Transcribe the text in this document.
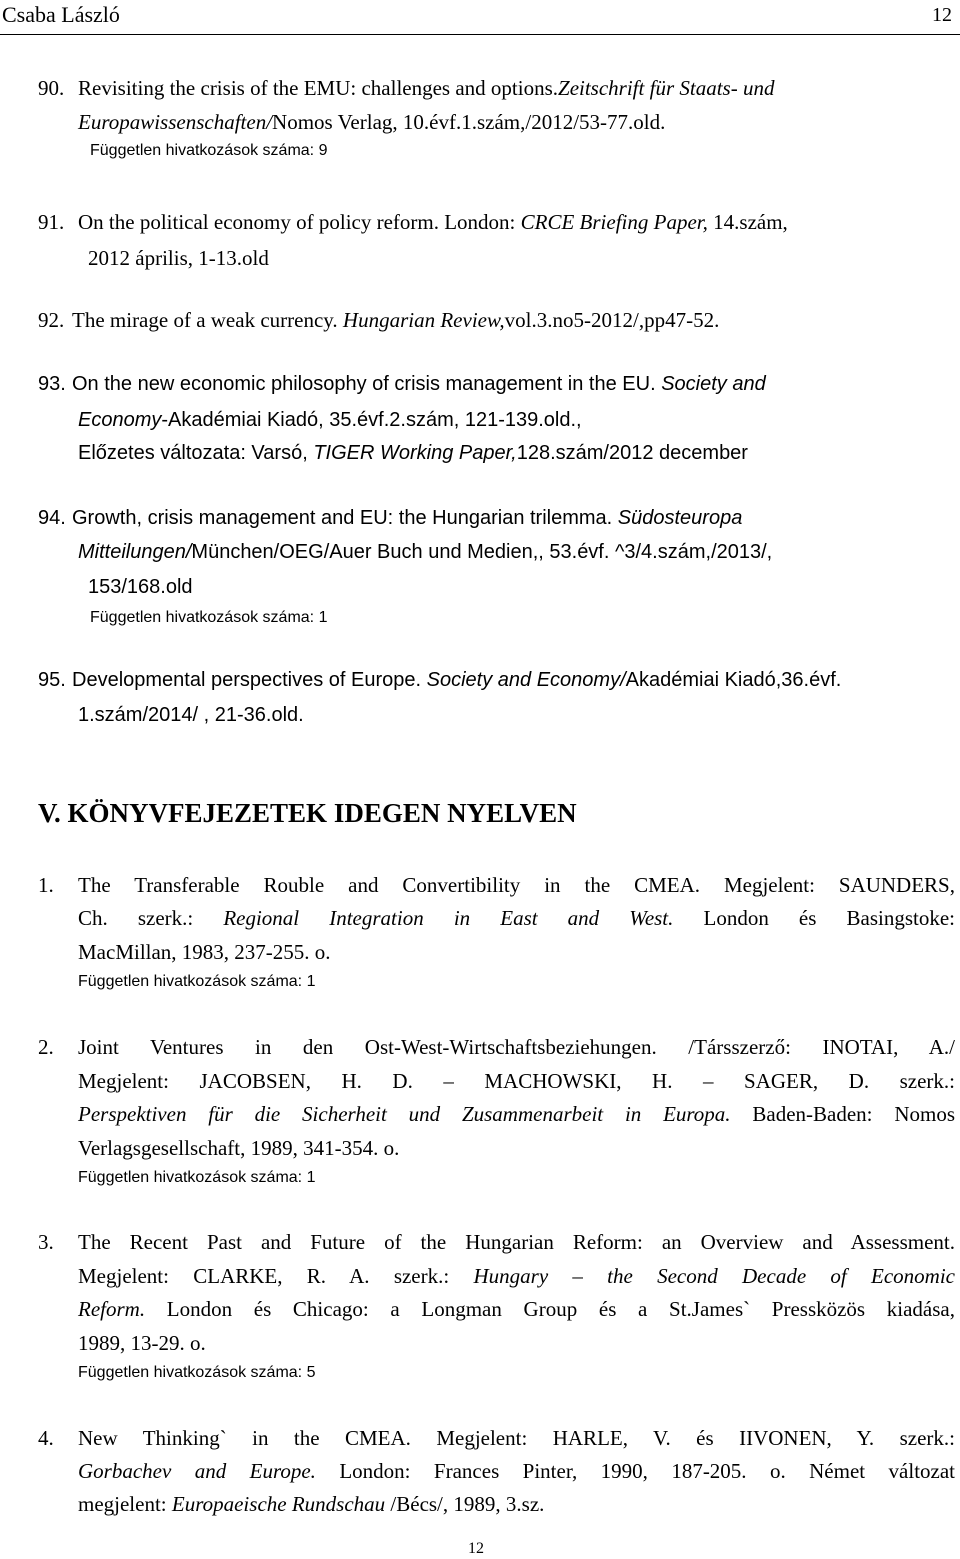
Csaba László	12
90. Revisiting the crisis of the EMU: challenges and options.Zeitschrift für Staats- und
Europawissenschaften/Nomos Verlag, 10.évf.1.szám,/2012/53-77.old.
Független hivatkozások száma: 9
91. On the political economy of policy reform. London: CRCE Briefing Paper, 14.szám,
2012 április, 1-13.old
92. The mirage of a weak currency. Hungarian Review,vol.3.no5-2012/,pp47-52.
93. On the new economic philosophy of crisis management in the EU. Society and
Economy-Akadémiai Kiadó, 35.évf.2.szám, 121-139.old.,
Előzetes változata: Varsó, TIGER Working Paper,128.szám/2012 december
94. Growth, crisis management and EU: the Hungarian trilemma. Südosteuropa
Mitteilungen/München/OEG/Auer Buch und Medien,, 53.évf. ^3/4.szám,/2013/,
153/168.old
Független hivatkozások száma: 1
95. Developmental perspectives of Europe. Society and Economy/Akadémiai Kiadó,36.évf.
1.szám/2014/ , 21-36.old.
V. KÖNYVFEJEZETEK IDEGEN NYELVEN
1. The Transferable Rouble and Convertibility in the CMEA. Megjelent: SAUNDERS,
Ch. szerk.: Regional Integration in East and West. London és Basingstoke:
MacMillan, 1983, 237-255. o.
Független hivatkozások száma: 1
2. Joint Ventures in den Ost-West-Wirtschaftsbeziehungen. /Társszerző: INOTAI, A./
Megjelent: JACOBSEN, H. D. – MACHOWSKI, H. – SAGER, D. szerk.:
Perspektiven für die Sicherheit und Zusammenarbeit in Europa. Baden-Baden: Nomos
Verlagsgesellschaft, 1989, 341-354. o.
Független hivatkozások száma: 1
3. The Recent Past and Future of the Hungarian Reform: an Overview and Assessment.
Megjelent: CLARKE, R. A. szerk.: Hungary – the Second Decade of Economic
Reform. London és Chicago: a Longman Group és a St.James` Pressközös kiadása,
1989, 13-29. o.
Független hivatkozások száma: 5
4. New Thinking` in the CMEA. Megjelent: HARLE, V. és IIVONEN, Y. szerk.:
Gorbachev and Europe. London: Frances Pinter, 1990, 187-205. o. Német változat
megjelent: Europaeische Rundschau /Bécs/, 1989, 3.sz.
12
